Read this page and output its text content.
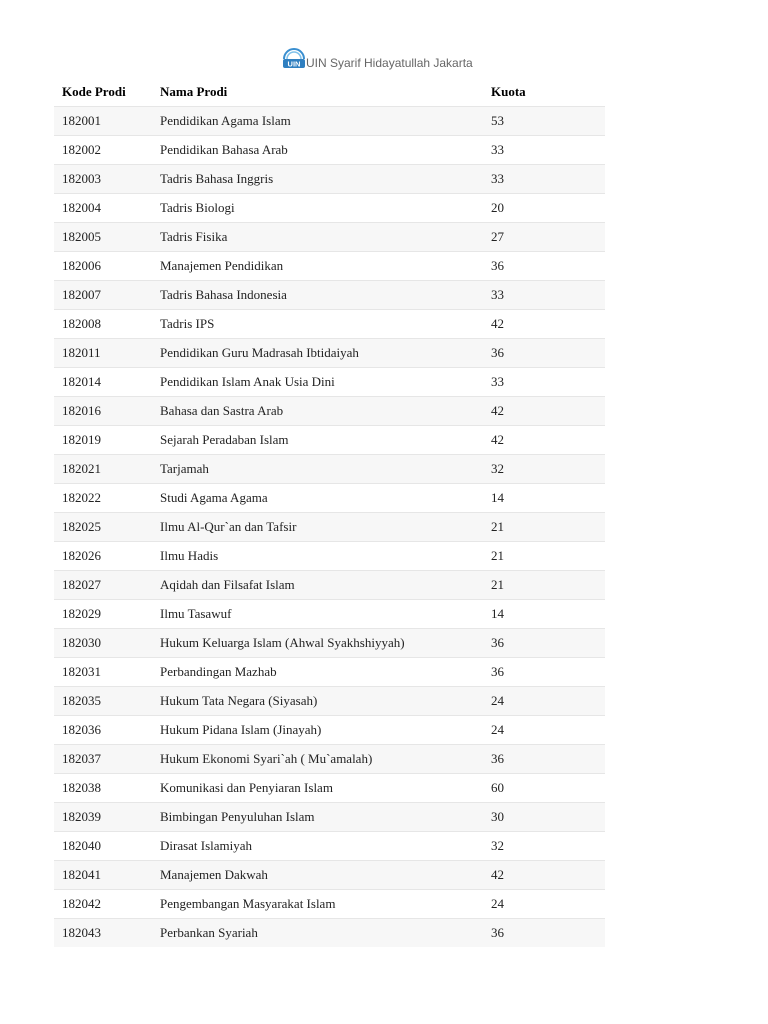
UIN UIN Syarif Hidayatullah Jakarta
Kode Prodi	Nama Prodi	Kuota
182001	Pendidikan Agama Islam	53
182002	Pendidikan Bahasa Arab	33
182003	Tadris Bahasa Inggris	33
182004	Tadris Biologi	20
182005	Tadris Fisika	27
182006	Manajemen Pendidikan	36
182007	Tadris Bahasa Indonesia	33
182008	Tadris IPS	42
182011	Pendidikan Guru Madrasah Ibtidaiyah	36
182014	Pendidikan Islam Anak Usia Dini	33
182016	Bahasa dan Sastra Arab	42
182019	Sejarah Peradaban Islam	42
182021	Tarjamah	32
182022	Studi Agama Agama	14
182025	Ilmu Al-Qur`an dan Tafsir	21
182026	Ilmu Hadis	21
182027	Aqidah dan Filsafat Islam	21
182029	Ilmu Tasawuf	14
182030	Hukum Keluarga Islam (Ahwal Syakhshiyyah)	36
182031	Perbandingan Mazhab	36
182035	Hukum Tata Negara (Siyasah)	24
182036	Hukum Pidana Islam (Jinayah)	24
182037	Hukum Ekonomi Syari`ah ( Mu`amalah)	36
182038	Komunikasi dan Penyiaran Islam	60
182039	Bimbingan Penyuluhan Islam	30
182040	Dirasat Islamiyah	32
182041	Manajemen Dakwah	42
182042	Pengembangan Masyarakat Islam	24
182043	Perbankan Syariah	36
